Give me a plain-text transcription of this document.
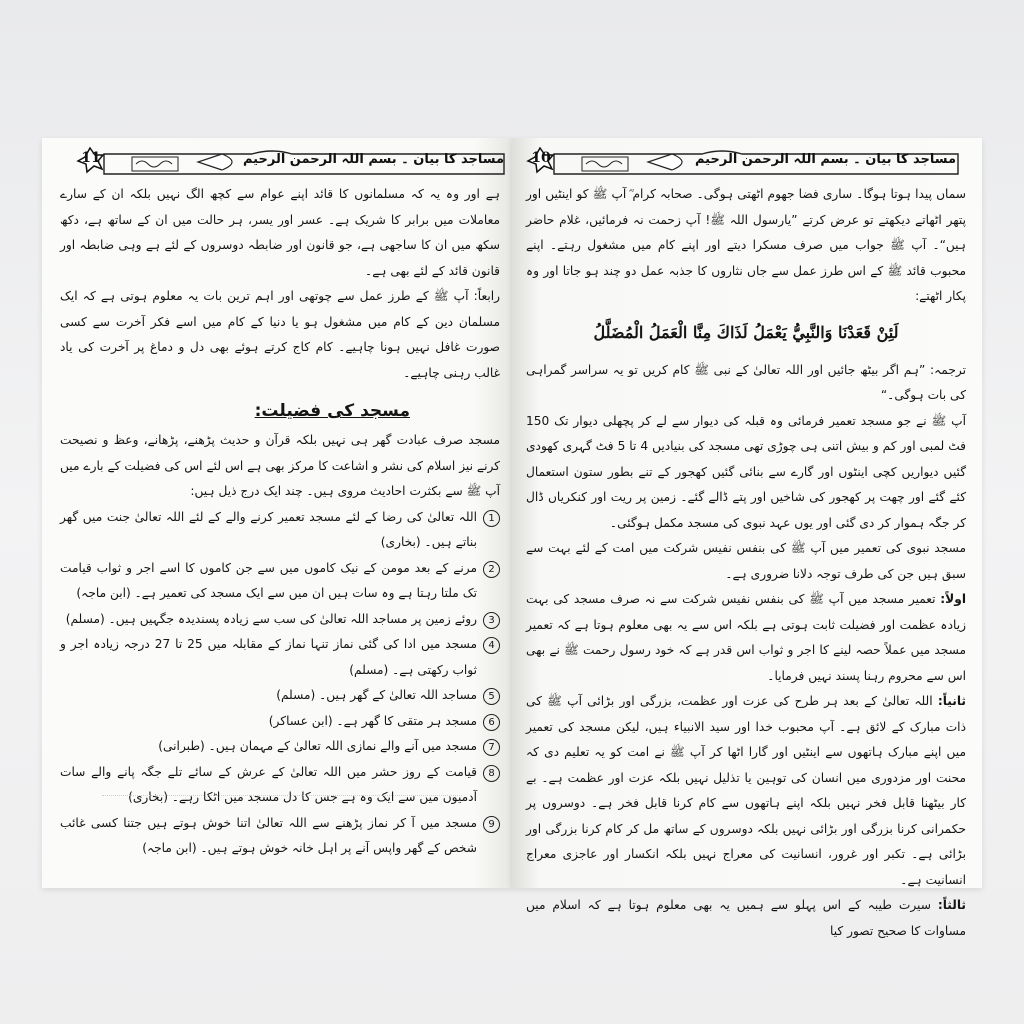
11	مساجد کا بیان ۔ بسم اللہ الرحمن الرحیم

ہے اور وہ یہ کہ مسلمانوں کا قائد اپنے عوام سے کچھ الگ نہیں بلکہ ان کے سارے معاملات میں برابر کا شریک ہے۔ عسر اور یسر، ہر حالت میں ان کے ساتھ ہے، دکھ سکھ میں ان کا ساجھی ہے، جو قانون اور ضابطہ دوسروں کے لئے ہے وہی ضابطہ اور قانون قائد کے لئے بھی ہے۔

رابعاً: آپ ﷺ کے طرز عمل سے چوتھی اور اہم ترین بات یہ معلوم ہوتی ہے کہ ایک مسلمان دین کے کام میں مشغول ہو یا دنیا کے کام میں اسے فکر آخرت سے کسی صورت غافل نہیں ہونا چاہیے۔ کام کاج کرتے ہوئے بھی دل و دماغ پر آخرت کی یاد غالب رہنی چاہیے۔

مسجد کی فضیلت:

مسجد صرف عبادت گھر ہی نہیں بلکہ قرآن و حدیث پڑھنے، پڑھانے، وعظ و نصیحت کرنے نیز اسلام کی نشر و اشاعت کا مرکز بھی ہے اس لئے اس کی فضیلت کے بارے میں آپ ﷺ سے بکثرت احادیث مروی ہیں۔ چند ایک درج ذیل ہیں:

1
اللہ تعالیٰ کی رضا کے لئے مسجد تعمیر کرنے والے کے لئے اللہ تعالیٰ جنت میں گھر بناتے ہیں۔ (بخاری)
2
مرنے کے بعد مومن کے نیک کاموں میں سے جن کاموں کا اسے اجر و ثواب قیامت تک ملتا رہتا ہے وہ سات ہیں ان میں سے ایک مسجد کی تعمیر ہے۔ (ابن ماجہ)
3
روئے زمین پر مساجد اللہ تعالیٰ کی سب سے زیادہ پسندیدہ جگہیں ہیں۔ (مسلم)
4
مسجد میں ادا کی گئی نماز تنہا نماز کے مقابلہ میں 25 تا 27 درجہ زیادہ اجر و ثواب رکھتی ہے۔ (مسلم)
5
مساجد اللہ تعالیٰ کے گھر ہیں۔ (مسلم)
6
مسجد ہر متقی کا گھر ہے۔ (ابن عساکر)
7
مسجد میں آنے والے نمازی اللہ تعالیٰ کے مہمان ہیں۔ (طبرانی)
8
قیامت کے روز حشر میں اللہ تعالیٰ کے عرش کے سائے تلے جگہ پانے والے سات آدمیوں میں سے ایک وہ ہے جس کا دل مسجد میں اٹکا رہے۔ (بخاری)
9
مسجد میں آ کر نماز پڑھنے سے اللہ تعالیٰ اتنا خوش ہوتے ہیں جتنا کسی غائب شخص کے گھر واپس آنے پر اہل خانہ خوش ہوتے ہیں۔ (ابن ماجہ)
10	مساجد کا بیان ۔ بسم اللہ الرحمن الرحیم

سماں پیدا ہوتا ہوگا۔ ساری فضا جھوم اٹھتی ہوگی۔ صحابہ کرام ؓ آپ ﷺ کو اینٹیں اور پتھر اٹھاتے دیکھتے تو عرض کرتے ”یارسول اللہ ﷺ! آپ زحمت نہ فرمائیں، غلام حاضر ہیں“۔ آپ ﷺ جواب میں صرف مسکرا دیتے اور اپنے کام میں مشغول رہتے۔ اپنے محبوب قائد ﷺ کے اس طرز عمل سے جاں نثاروں کا جذبہ عمل دو چند ہو جاتا اور وہ پکار اٹھتے:

لَئِنْ قَعَدْنَا وَالنَّبِيُّ يَعْمَلُ لَذَاكَ مِنَّا الْعَمَلُ الْمُضَلَّلُ

ترجمہ: ”ہم اگر بیٹھ جائیں اور اللہ تعالیٰ کے نبی ﷺ کام کریں تو یہ سراسر گمراہی کی بات ہوگی۔“

آپ ﷺ نے جو مسجد تعمیر فرمائی وہ قبلہ کی دیوار سے لے کر پچھلی دیوار تک 150 فٹ لمبی اور کم و بیش اتنی ہی چوڑی تھی مسجد کی بنیادیں 4 تا 5 فٹ گہری کھودی گئیں دیواریں کچی اینٹوں اور گارے سے بنائی گئیں کھجور کے تنے بطور ستون استعمال کئے گئے اور چھت پر کھجور کی شاخیں اور پتے ڈالے گئے۔ زمین پر ریت اور کنکریاں ڈال کر جگہ ہموار کر دی گئی اور یوں عہد نبوی کی مسجد مکمل ہوگئی۔

مسجد نبوی کی تعمیر میں آپ ﷺ کی بنفس نفیس شرکت میں امت کے لئے بہت سے سبق ہیں جن کی طرف توجہ دلانا ضروری ہے۔

اولاً: تعمیر مسجد میں آپ ﷺ کی بنفس نفیس شرکت سے نہ صرف مسجد کی بہت زیادہ عظمت اور فضیلت ثابت ہوتی ہے بلکہ اس سے یہ بھی معلوم ہوتا ہے کہ تعمیر مسجد میں عملاً حصہ لینے کا اجر و ثواب اس قدر ہے کہ خود رسول رحمت ﷺ نے بھی اس سے محروم رہنا پسند نہیں فرمایا۔

ثانیاً: اللہ تعالیٰ کے بعد ہر طرح کی عزت اور عظمت، بزرگی اور بڑائی آپ ﷺ کی ذات مبارک کے لائق ہے۔ آپ محبوب خدا اور سید الانبیاء ہیں، لیکن مسجد کی تعمیر میں اپنے مبارک ہاتھوں سے اینٹیں اور گارا اٹھا کر آپ ﷺ نے امت کو یہ تعلیم دی کہ محنت اور مزدوری میں انسان کی توہین یا تذلیل نہیں بلکہ عزت اور عظمت ہے۔ بے کار بیٹھنا قابل فخر نہیں بلکہ اپنے ہاتھوں سے کام کرنا قابل فخر ہے۔ دوسروں پر حکمرانی کرنا بزرگی اور بڑائی نہیں بلکہ دوسروں کے ساتھ مل کر کام کرنا بزرگی اور بڑائی ہے۔ تکبر اور غرور، انسانیت کی معراج نہیں بلکہ انکسار اور عاجزی معراج انسانیت ہے۔

ثالثاً: سیرت طیبہ کے اس پہلو سے ہمیں یہ بھی معلوم ہوتا ہے کہ اسلام میں مساوات کا صحیح تصور کیا
